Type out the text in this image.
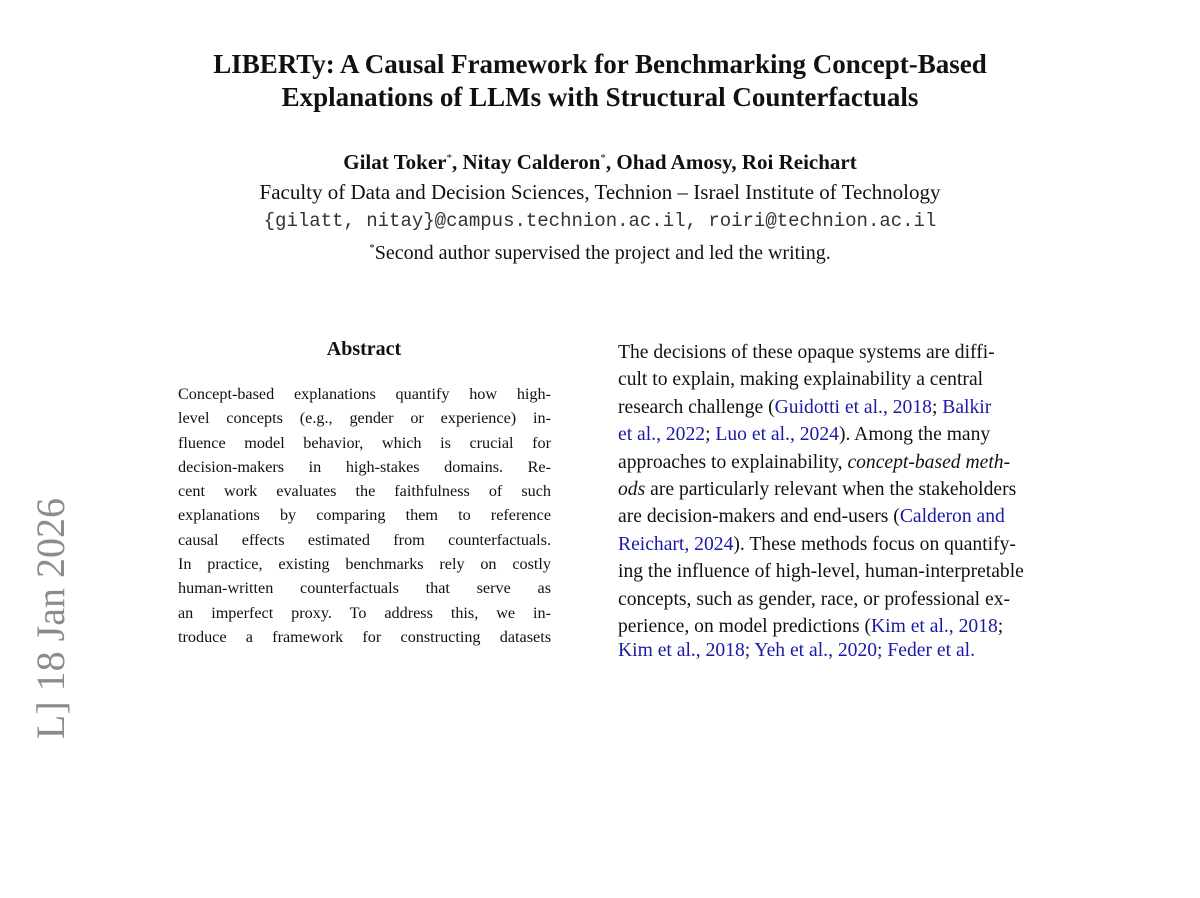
L] 18 Jan 2026
LIBERTy: A Causal Framework for Benchmarking Concept-Based
Explanations of LLMs with Structural Counterfactuals
Gilat Toker*, Nitay Calderon*, Ohad Amosy, Roi Reichart
Faculty of Data and Decision Sciences, Technion – Israel Institute of Technology
{gilatt, nitay}@campus.technion.ac.il, roiri@technion.ac.il
*Second author supervised the project and led the writing.
Abstract
Concept-based explanations quantify how high-
level concepts (e.g., gender or experience) in-
fluence model behavior, which is crucial for
decision-makers in high-stakes domains. Re-
cent work evaluates the faithfulness of such
explanations by comparing them to reference
causal effects estimated from counterfactuals.
In practice, existing benchmarks rely on costly
human-written counterfactuals that serve as
an imperfect proxy. To address this, we in-
troduce a framework for constructing datasets
The decisions of these opaque systems are diffi-
cult to explain, making explainability a central
research challenge (Guidotti et al., 2018; Balkir
et al., 2022; Luo et al., 2024). Among the many
approaches to explainability, concept-based meth-
ods are particularly relevant when the stakeholders
are decision-makers and end-users (Calderon and
Reichart, 2024). These methods focus on quantify-
ing the influence of high-level, human-interpretable
concepts, such as gender, race, or professional ex-
perience, on model predictions (Kim et al., 2018;
Kim et al., 2018; Yeh et al., 2020; Feder et al.
